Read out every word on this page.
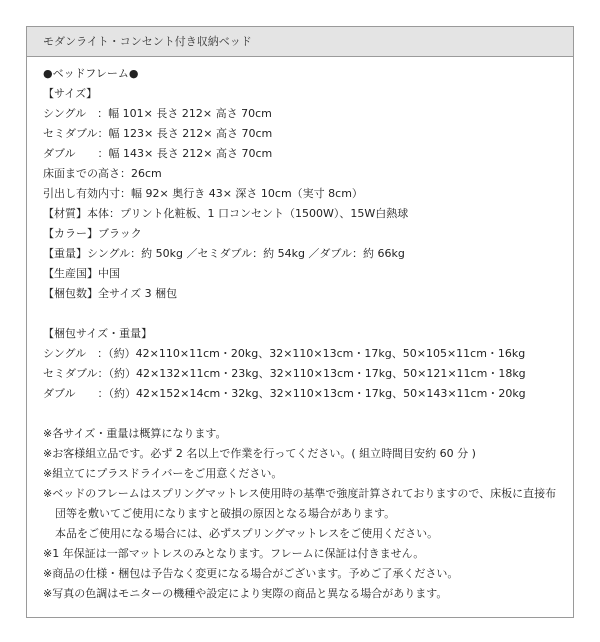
モダンライト・コンセント付き収納ベッド
●ベッドフレーム●
【サイズ】
シングル　：幅 101× 長さ 212× 高さ 70cm
セミダブル：幅 123× 長さ 212× 高さ 70cm
ダブル　　：幅 143× 長さ 212× 高さ 70cm
床面までの高さ：26cm
引出し有効内寸：幅 92× 奥行き 43× 深さ 10cm（実寸 8cm）
【材質】本体：プリント化粧板、1 口コンセント（1500W）、15W白熱球
【カラー】ブラック
【重量】シングル：約 50kg ／セミダブル：約 54kg ／ダブル：約 66kg
【生産国】中国
【梱包数】全サイズ 3 梱包
【梱包サイズ・重量】
シングル　：（約）42×110×11cm・20kg、32×110×13cm・17kg、50×105×11cm・16kg
セミダブル：（約）42×132×11cm・23kg、32×110×13cm・17kg、50×121×11cm・18kg
ダブル　　：（約）42×152×14cm・32kg、32×110×13cm・17kg、50×143×11cm・20kg
※各サイズ・重量は概算になります。
※お客様組立品です。必ず 2 名以上で作業を行ってください。( 組立時間目安約 60 分 )
※組立てにプラスドライバーをご用意ください。
※ベッドのフレームはスプリングマットレス使用時の基準で強度計算されておりますので、床板に直接布
団等を敷いてご使用になりますと破損の原因となる場合があります。
本品をご使用になる場合には、必ずスプリングマットレスをご使用ください。
※1 年保証は一部マットレスのみとなります。フレームに保証は付きません。
※商品の仕様・梱包は予告なく変更になる場合がございます。予めご了承ください。
※写真の色調はモニターの機種や設定により実際の商品と異なる場合があります。
